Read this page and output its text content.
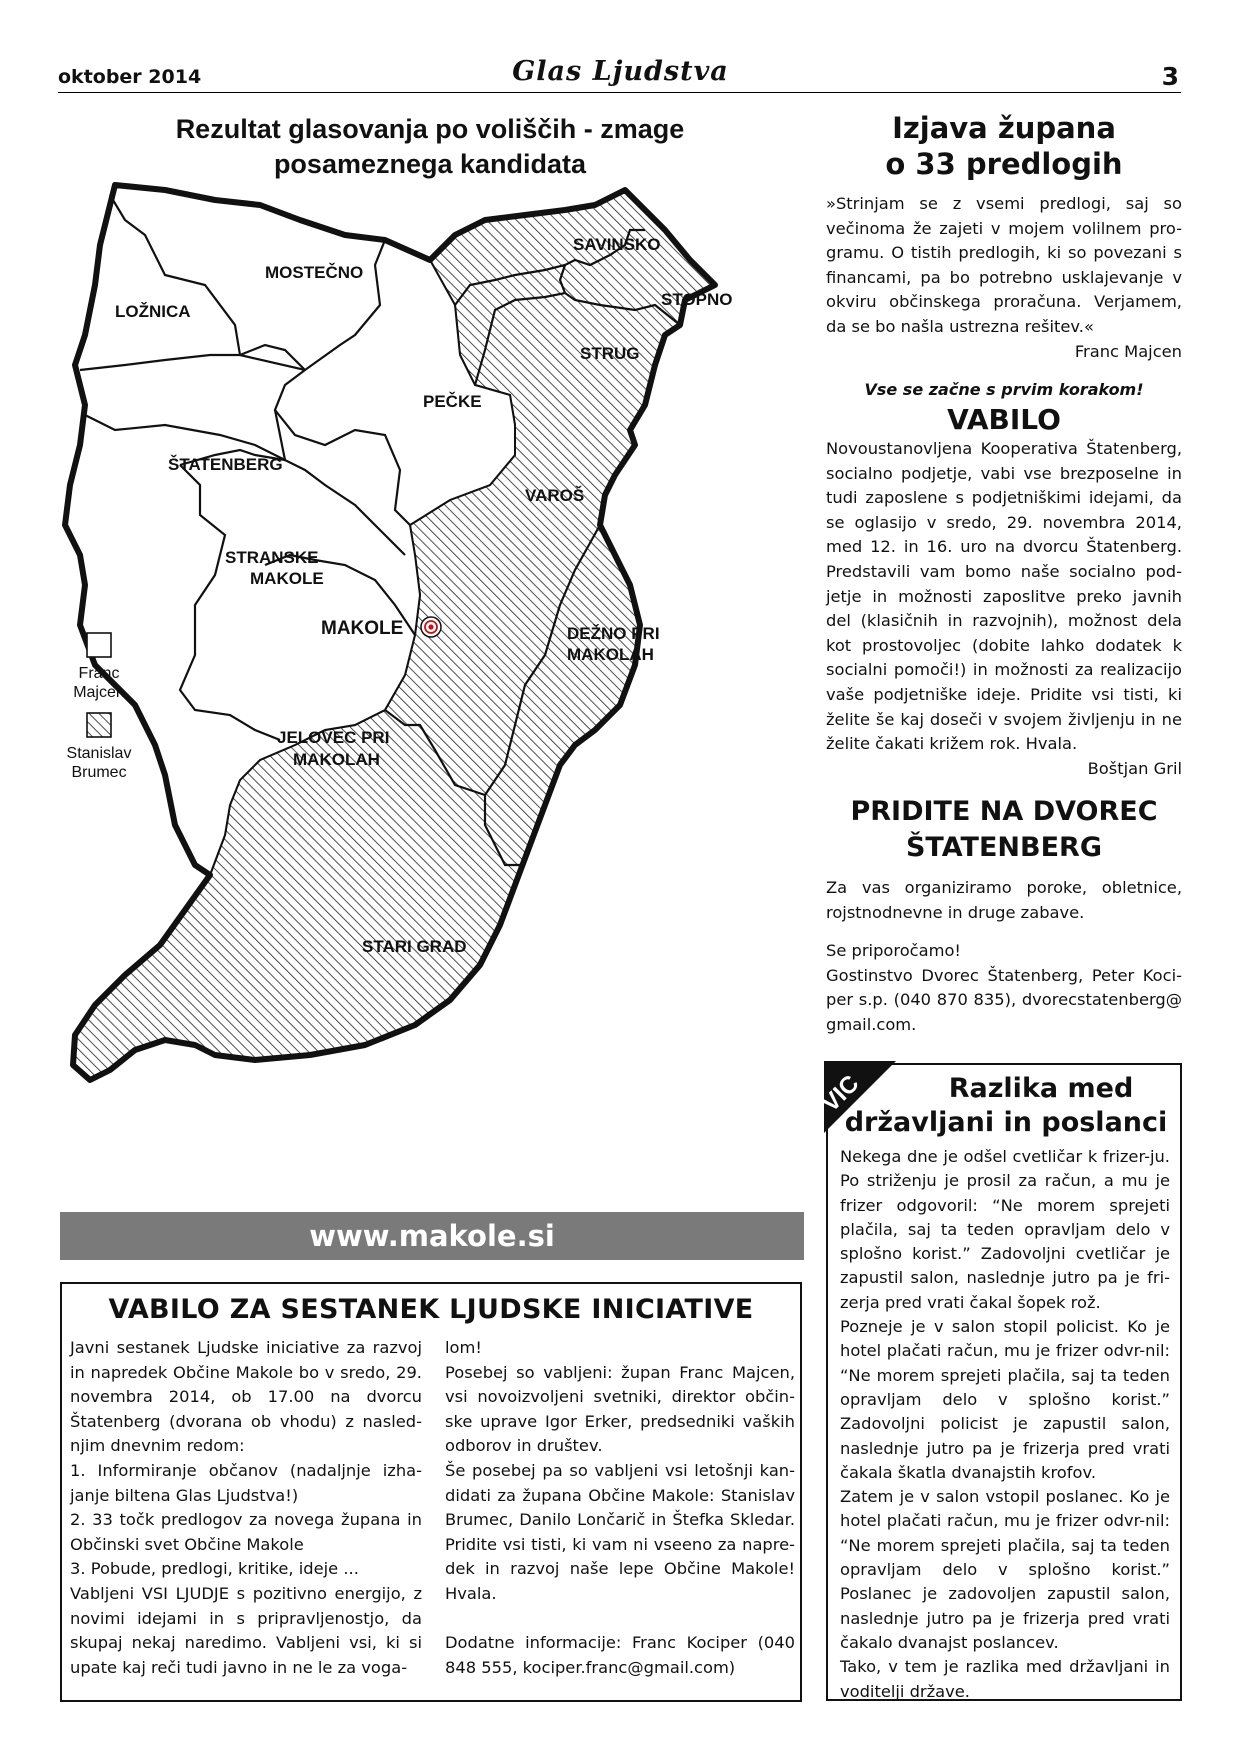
oktober 2014	Glas Ljudstva	3
Rezultat glasovanja po voliščih - zmage
posameznega kandidata
LOŽNICA
MOSTEČNO
SAVINSKO
STOPNO
STRUG
PEČKE
ŠTATENBERG
VAROŠ
STRANSKE
MAKOLE
MAKOLE	DEŽNO PRI
MAKOLAH
JELOVEC PRI
MAKOLAH
STARI GRAD
Franc
Majcen
Stanislav
Brumec
www.makole.si
VABILO ZA SESTANEK LJUDSKE INICIATIVE

Javni sestanek Ljudske iniciative za razvoj in napredek Občine Makole bo v sredo, 29. novembra 2014, ob 17.00 na dvorcu Štatenberg (dvorana ob vhodu) z nasled-njim dnevnim redom:

1. Informiranje občanov (nadaljnje izha-janje biltena Glas Ljudstva!)

2. 33 točk predlogov za novega župana in Občinski svet Občine Makole

3. Pobude, predlogi, kritike, ideje ...

Vabljeni VSI LJUDJE s pozitivno energijo, z novimi idejami in s pripravljenostjo, da skupaj nekaj naredimo. Vabljeni vsi, ki si upate kaj reči tudi javno in ne le za voga-

lom!

Posebej so vabljeni: župan Franc Majcen, vsi novoizvoljeni svetniki, direktor občin-ske uprave Igor Erker, predsedniki vaških odborov in društev.

Še posebej pa so vabljeni vsi letošnji kan-didati za župana Občine Makole: Stanislav Brumec, Danilo Lončarič in Štefka Skledar. Pridite vsi tisti, ki vam ni vseeno za napre-dek in razvoj naše lepe Občine Makole! Hvala.

Dodatne informacije: Franc Kociper (040 848 555, kociper.franc@gmail.com)

Izjava župana
o 33 predlogih

»Strinjam se z vsemi predlogi, saj so večinoma že zajeti v mojem volilnem pro-gramu. O tistih predlogih, ki so povezani s financami, pa bo potrebno usklajevanje v okviru občinskega proračuna. Verjamem, da se bo našla ustrezna rešitev.«

Franc Majcen

Vse se začne s prvim korakom!
VABILO

Novoustanovljena Kooperativa Štatenberg, socialno podjetje, vabi vse brezposelne in tudi zaposlene s podjetniškimi idejami, da se oglasijo v sredo, 29. novembra 2014, med 12. in 16. uro na dvorcu Štatenberg. Predstavili vam bomo naše socialno pod-jetje in možnosti zaposlitve preko javnih del (klasičnih in razvojnih), možnost dela kot prostovoljec (dobite lahko dodatek k socialni pomoči!) in možnosti za realizacijo vaše podjetniške ideje. Pridite vsi tisti, ki želite še kaj doseči v svojem življenju in ne želite čakati križem rok. Hvala.

Boštjan Gril

PRIDITE NA DVOREC
ŠTATENBERG

Za vas organiziramo poroke, obletnice, rojstnodnevne in druge zabave.

Se priporočamo!

Gostinstvo Dvorec Štatenberg, Peter Koci-per s.p. (040 870 835), dvorecstatenberg@ gmail.com.

VIC	Razlika med
državljani in poslanci

Nekega dne je odšel cvetličar k frizer-ju. Po striženju je prosil za račun, a mu je frizer odgovoril: “Ne morem sprejeti plačila, saj ta teden opravljam delo v splošno korist.” Zadovoljni cvetličar je zapustil salon, naslednje jutro pa je fri-zerja pred vrati čakal šopek rož.

Pozneje je v salon stopil policist. Ko je hotel plačati račun, mu je frizer odvr-nil: “Ne morem sprejeti plačila, saj ta teden opravljam delo v splošno korist.” Zadovoljni policist je zapustil salon, naslednje jutro pa je frizerja pred vrati čakala škatla dvanajstih krofov.

Zatem je v salon vstopil poslanec. Ko je hotel plačati račun, mu je frizer odvr-nil: “Ne morem sprejeti plačila, saj ta teden opravljam delo v splošno korist.” Poslanec je zadovoljen zapustil salon, naslednje jutro pa je frizerja pred vrati čakalo dvanajst poslancev.

Tako, v tem je razlika med državljani in voditelji države.
